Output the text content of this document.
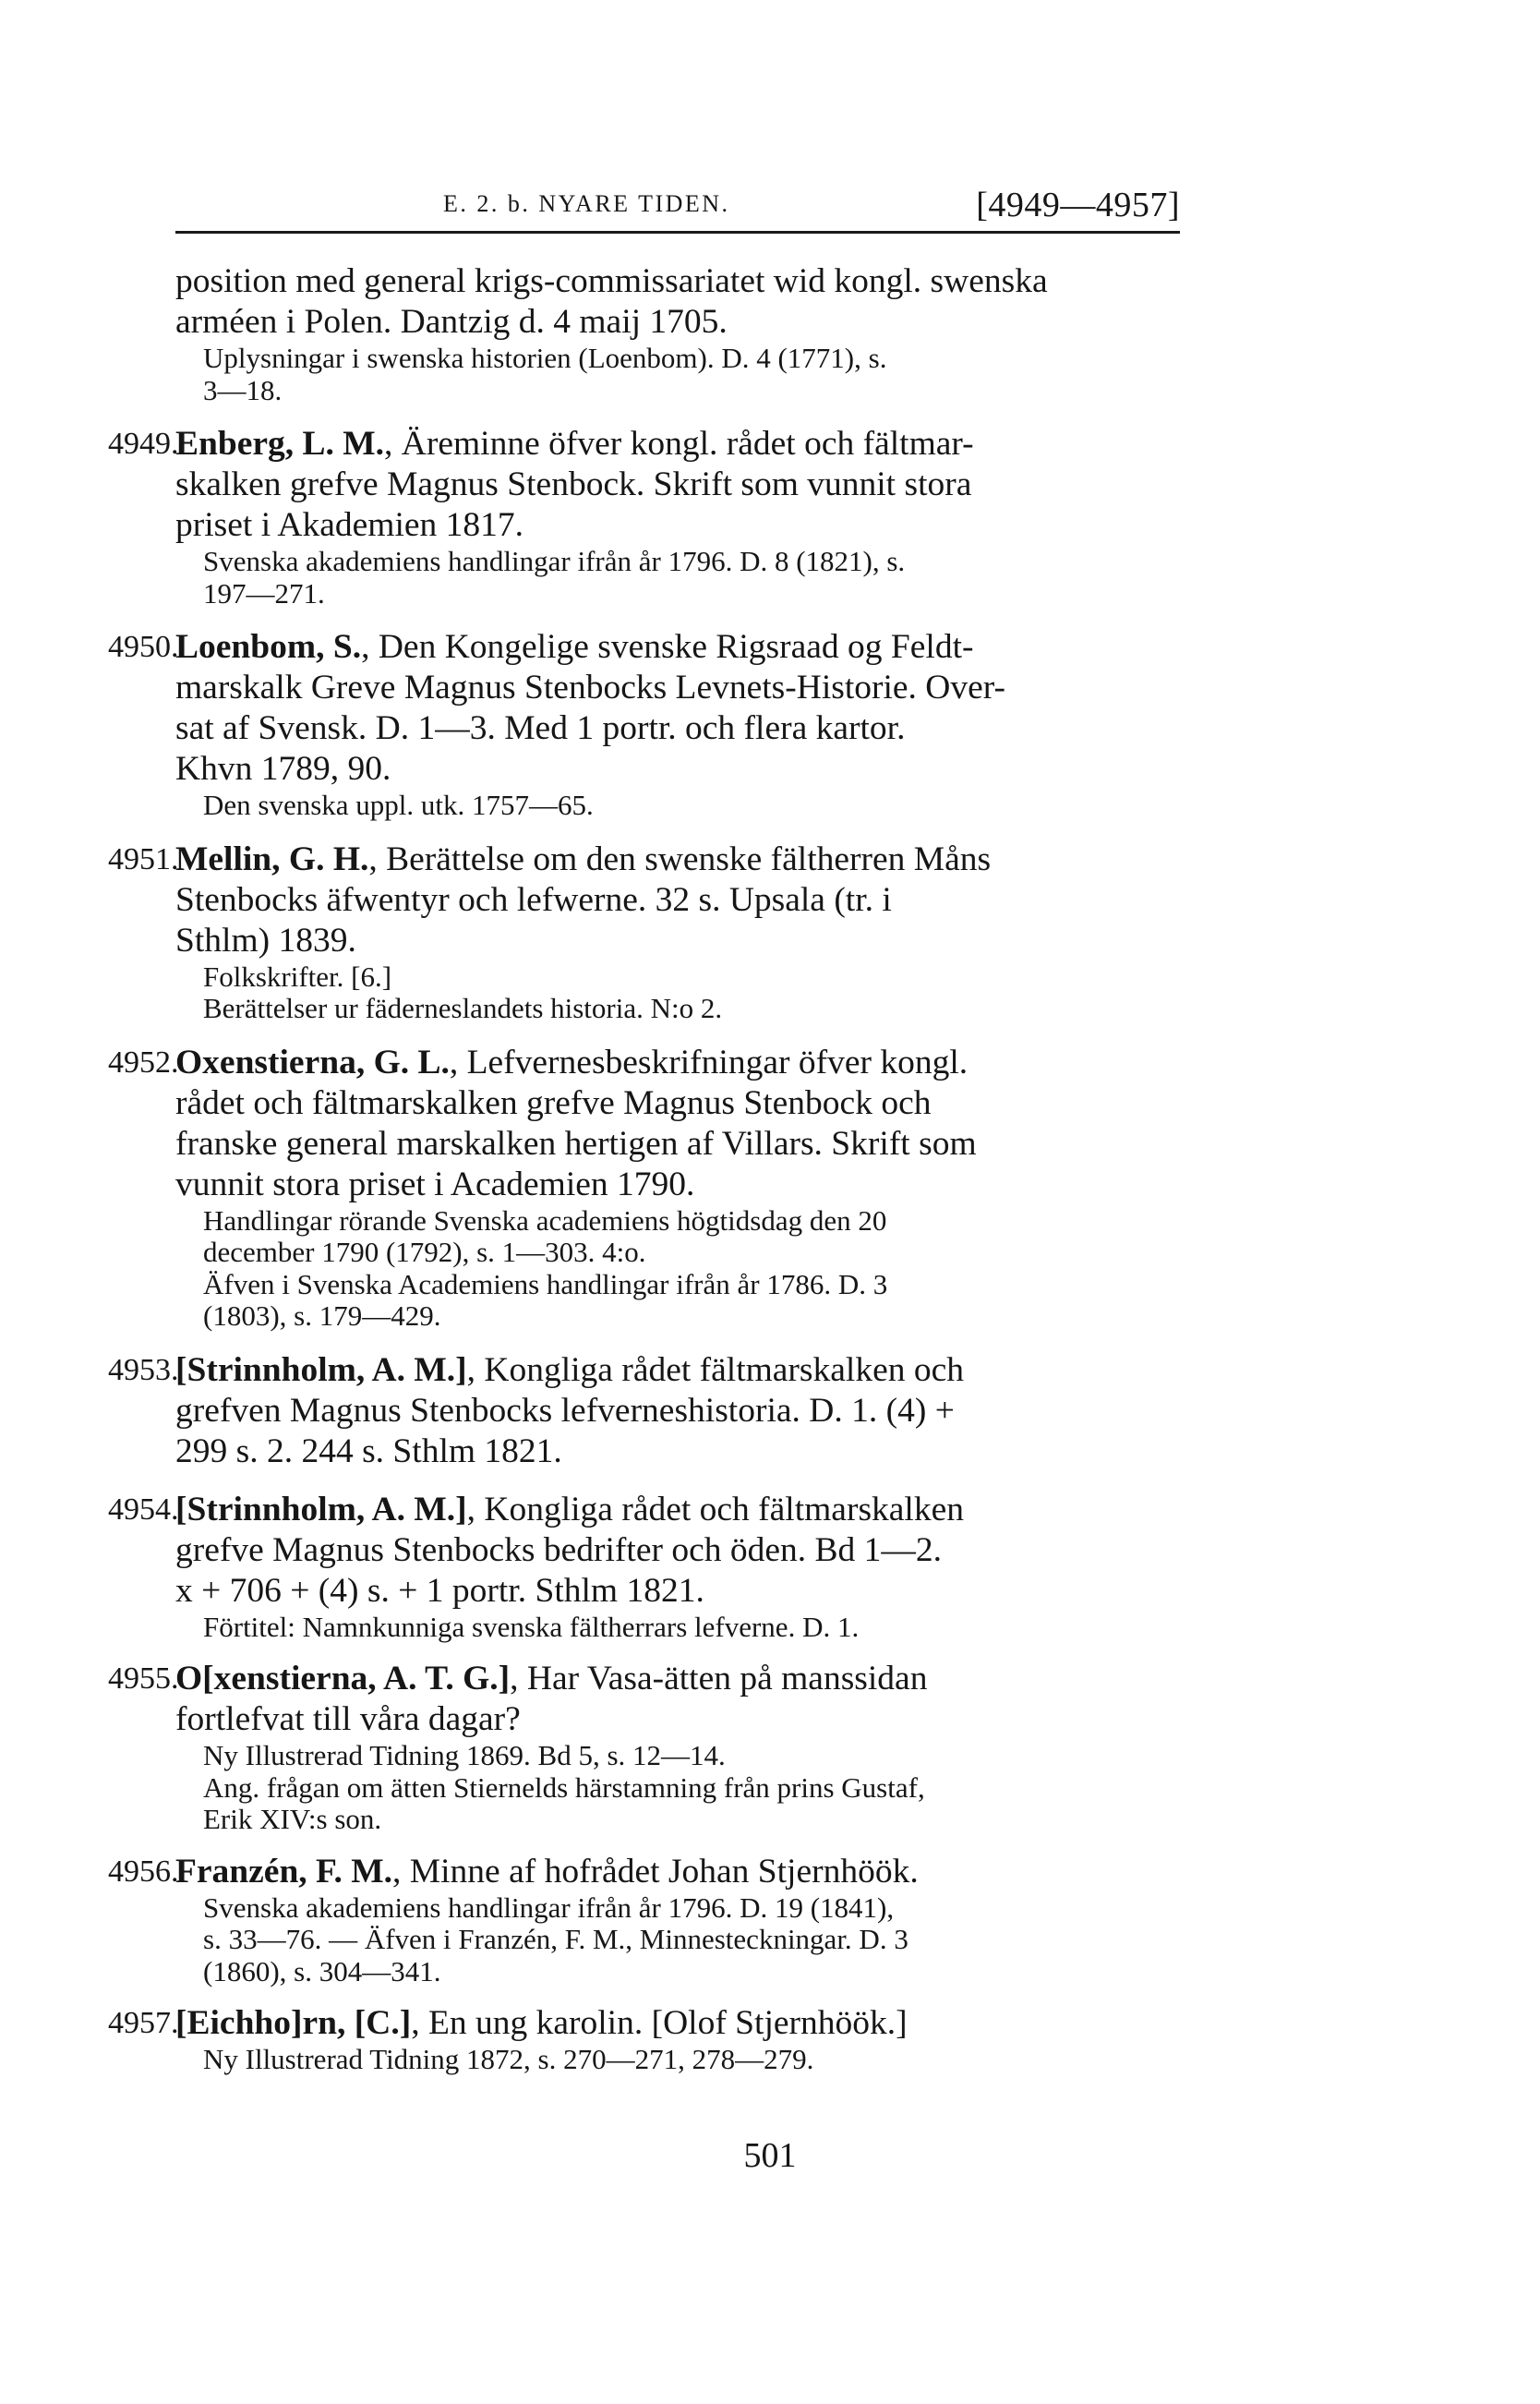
E. 2. b. NYARE TIDEN.	[4949—4957]
position med general krigs-commissariatet wid kongl. swenska
arméen i Polen. Dantzig d. 4 maij 1705.
Uplysningar i swenska historien (Loenbom). D. 4 (1771), s.
3—18.
4949.
Enberg, L. M., Äreminne öfver kongl. rådet och fältmar-
skalken grefve Magnus Stenbock. Skrift som vunnit stora
priset i Akademien 1817.
Svenska akademiens handlingar ifrån år 1796. D. 8 (1821), s.
197—271.
4950.
Loenbom, S., Den Kongelige svenske Rigsraad og Feldt-
marskalk Greve Magnus Stenbocks Levnets-Historie. Over-
sat af Svensk. D. 1—3. Med 1 portr. och flera kartor.
Khvn 1789, 90.
Den svenska uppl. utk. 1757—65.
4951.
Mellin, G. H., Berättelse om den swenske fältherren Måns
Stenbocks äfwentyr och lefwerne. 32 s. Upsala (tr. i
Sthlm) 1839.
Folkskrifter. [6.]
Berättelser ur fäderneslandets historia. N:o 2.
4952.
Oxenstierna, G. L., Lefvernesbeskrifningar öfver kongl.
rådet och fältmarskalken grefve Magnus Stenbock och
franske general marskalken hertigen af Villars. Skrift som
vunnit stora priset i Academien 1790.
Handlingar rörande Svenska academiens högtidsdag den 20
december 1790 (1792), s. 1—303. 4:o.
Äfven i Svenska Academiens handlingar ifrån år 1786. D. 3
(1803), s. 179—429.
4953.
[Strinnholm, A. M.], Kongliga rådet fältmarskalken och
grefven Magnus Stenbocks lefverneshistoria. D. 1. (4) +
299 s. 2. 244 s. Sthlm 1821.
4954.
[Strinnholm, A. M.], Kongliga rådet och fältmarskalken
grefve Magnus Stenbocks bedrifter och öden. Bd 1—2.
x + 706 + (4) s. + 1 portr. Sthlm 1821.
Förtitel: Namnkunniga svenska fältherrars lefverne. D. 1.
4955.
O[xenstierna, A. T. G.], Har Vasa-ätten på manssidan
fortlefvat till våra dagar?
Ny Illustrerad Tidning 1869. Bd 5, s. 12—14.
Ang. frågan om ätten Stiernelds härstamning från prins Gustaf,
Erik XIV:s son.
4956.
Franzén, F. M., Minne af hofrådet Johan Stjernhöök.
Svenska akademiens handlingar ifrån år 1796. D. 19 (1841),
s. 33—76. — Äfven i Franzén, F. M., Minnesteckningar. D. 3
(1860), s. 304—341.
4957.
[Eichho]rn, [C.], En ung karolin. [Olof Stjernhöök.]
Ny Illustrerad Tidning 1872, s. 270—271, 278—279.
501
